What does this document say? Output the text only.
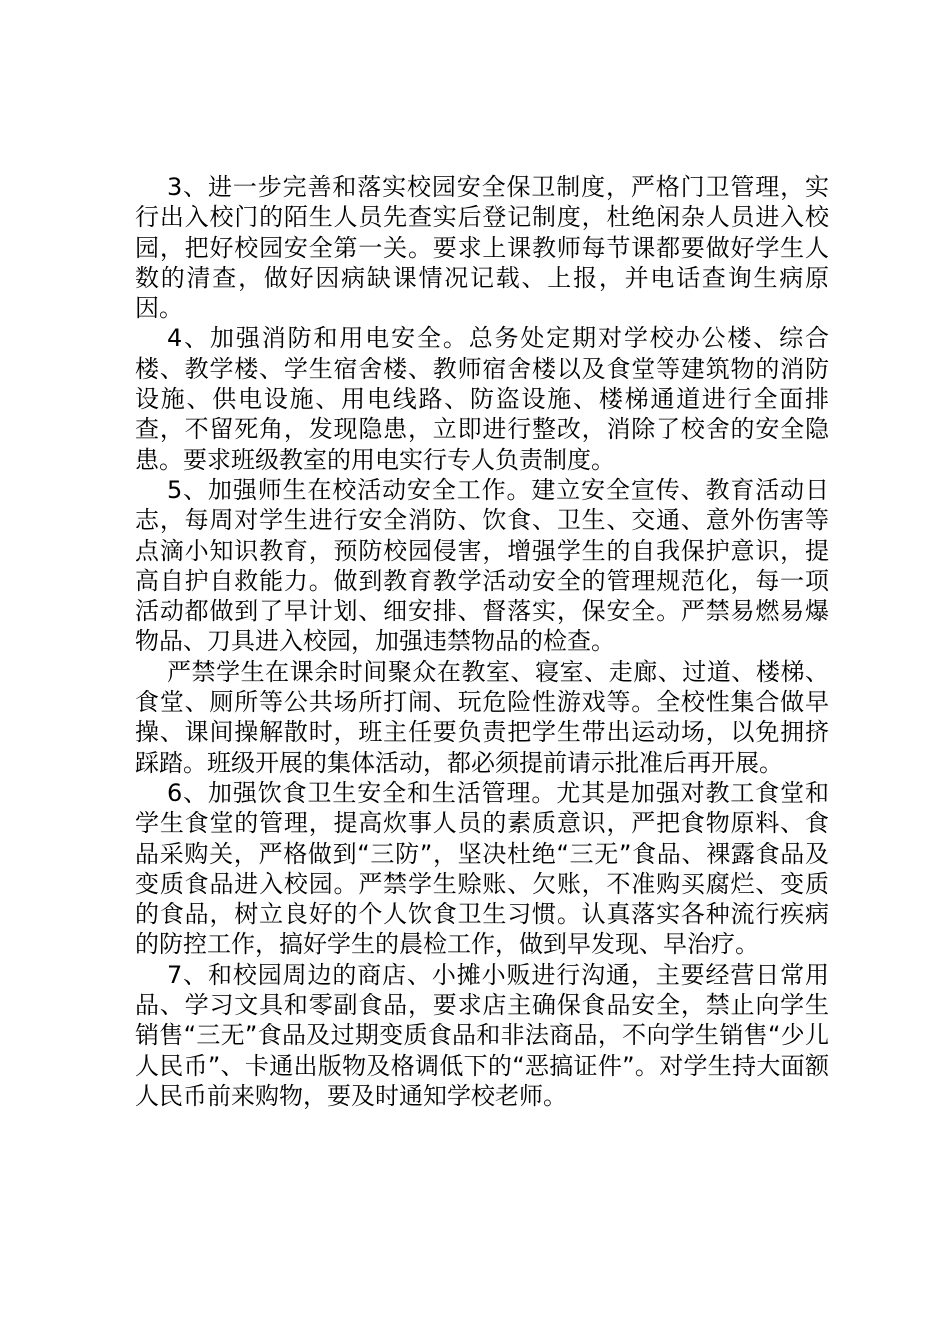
3、进一步完善和落实校园安全保卫制度，严格门卫管理，实行出入校门的陌生人员先查实后登记制度，杜绝闲杂人员进入校园，把好校园安全第一关。要求上课教师每节课都要做好学生人数的清查，做好因病缺课情况记载、上报，并电话查询生病原因。

4、加强消防和用电安全。总务处定期对学校办公楼、综合楼、教学楼、学生宿舍楼、教师宿舍楼以及食堂等建筑物的消防设施、供电设施、用电线路、防盗设施、楼梯通道进行全面排查，不留死角，发现隐患，立即进行整改，消除了校舍的安全隐患。要求班级教室的用电实行专人负责制度。

5、加强师生在校活动安全工作。建立安全宣传、教育活动日志，每周对学生进行安全消防、饮食、卫生、交通、意外伤害等点滴小知识教育，预防校园侵害，增强学生的自我保护意识，提高自护自救能力。做到教育教学活动安全的管理规范化，每一项活动都做到了早计划、细安排、督落实，保安全。严禁易燃易爆物品、刀具进入校园，加强违禁物品的检查。

严禁学生在课余时间聚众在教室、寝室、走廊、过道、楼梯、食堂、厕所等公共场所打闹、玩危险性游戏等。全校性集合做早操、课间操解散时，班主任要负责把学生带出运动场，以免拥挤踩踏。班级开展的集体活动，都必须提前请示批准后再开展。

6、加强饮食卫生安全和生活管理。尤其是加强对教工食堂和学生食堂的管理，提高炊事人员的素质意识，严把食物原料、食品采购关，严格做到“三防”，坚决杜绝“三无”食品、裸露食品及变质食品进入校园。严禁学生赊账、欠账，不准购买腐烂、变质的食品，树立良好的个人饮食卫生习惯。认真落实各种流行疾病的防控工作，搞好学生的晨检工作，做到早发现、早治疗。

7、和校园周边的商店、小摊小贩进行沟通，主要经营日常用品、学习文具和零副食品，要求店主确保食品安全，禁止向学生销售“三无”食品及过期变质食品和非法商品，不向学生销售“少儿人民币”、卡通出版物及格调低下的“恶搞证件”。对学生持大面额人民币前来购物，要及时通知学校老师。
